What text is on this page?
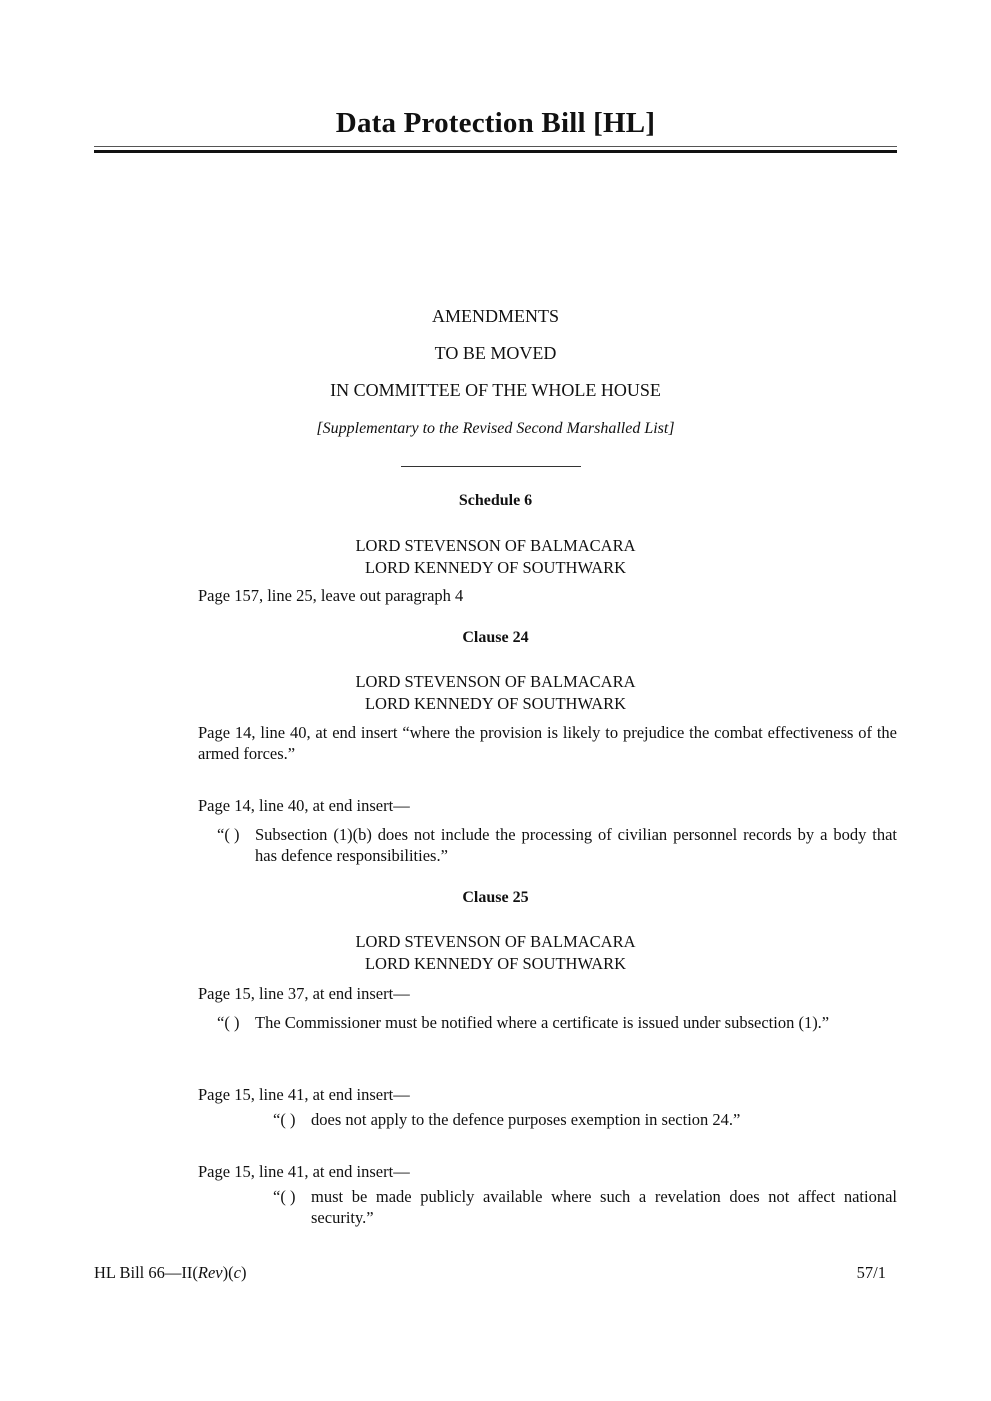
Data Protection Bill [HL]
AMENDMENTS
TO BE MOVED
IN COMMITTEE OF THE WHOLE HOUSE
[Supplementary to the Revised Second Marshalled List]
Schedule 6
LORD STEVENSON OF BALMACARA
LORD KENNEDY OF SOUTHWARK
Page 157, line 25, leave out paragraph 4
Clause 24
LORD STEVENSON OF BALMACARA
LORD KENNEDY OF SOUTHWARK
Page 14, line 40, at end insert “where the provision is likely to prejudice the combat effectiveness of the armed forces.”
Page 14, line 40, at end insert—
“( ) Subsection (1)(b) does not include the processing of civilian personnel records by a body that has defence responsibilities.”
Clause 25
LORD STEVENSON OF BALMACARA
LORD KENNEDY OF SOUTHWARK
Page 15, line 37, at end insert—
“( ) The Commissioner must be notified where a certificate is issued under subsection (1).”
Page 15, line 41, at end insert—
“( ) does not apply to the defence purposes exemption in section 24.”
Page 15, line 41, at end insert—
“( ) must be made publicly available where such a revelation does not affect national security.”
HL Bill 66—II(Rev)(c)	57/1
